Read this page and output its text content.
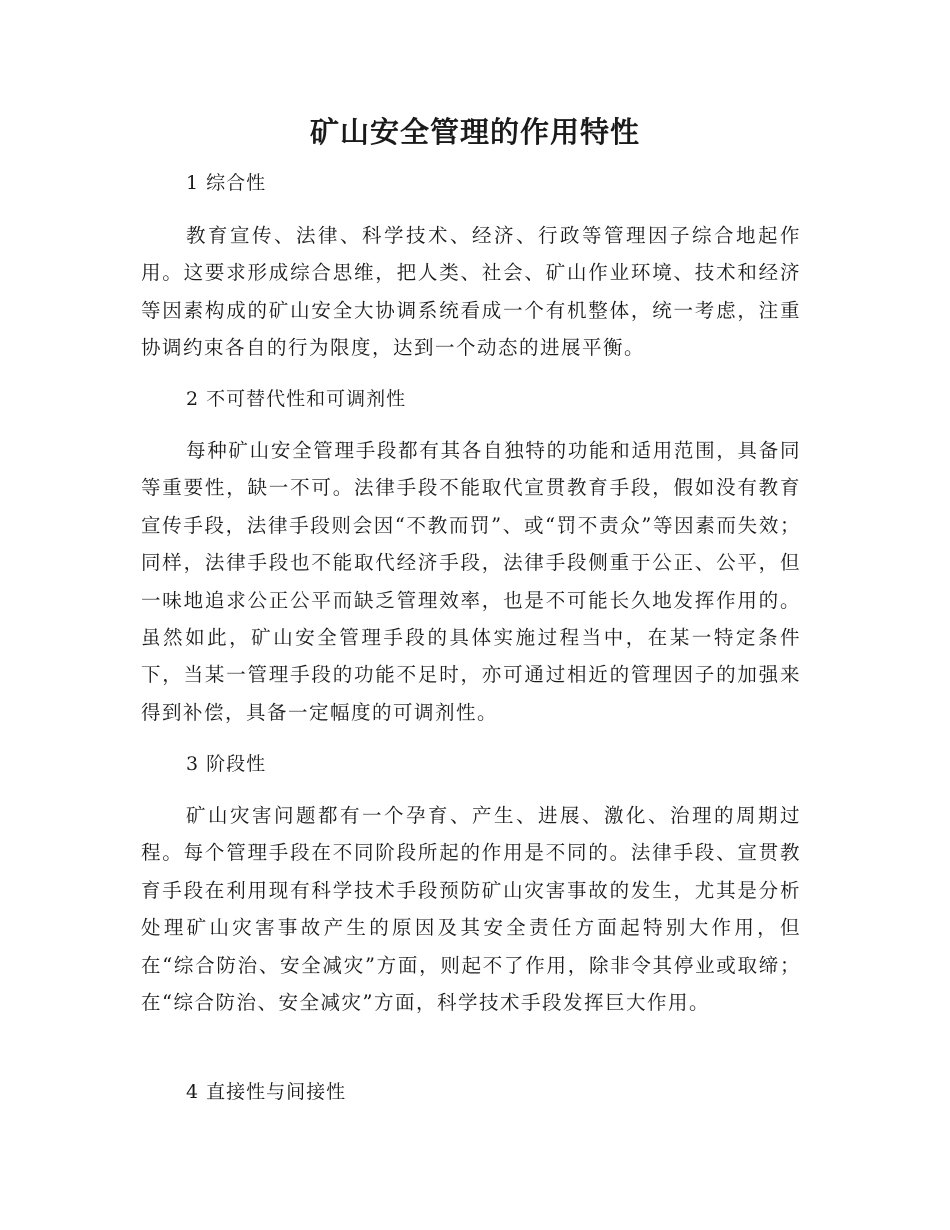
矿山安全管理的作用特性
1 综合性
教育宣传、法律、科学技术、经济、行政等管理因子综合地起作用。这要求形成综合思维，把人类、社会、矿山作业环境、技术和经济等因素构成的矿山安全大协调系统看成一个有机整体，统一考虑，注重协调约束各自的行为限度，达到一个动态的进展平衡。
2 不可替代性和可调剂性
每种矿山安全管理手段都有其各自独特的功能和适用范围，具备同等重要性，缺一不可。法律手段不能取代宣贯教育手段，假如没有教育宣传手段，法律手段则会因“不教而罚”、或“罚不责众”等因素而失效；同样，法律手段也不能取代经济手段，法律手段侧重于公正、公平，但一味地追求公正公平而缺乏管理效率，也是不可能长久地发挥作用的。虽然如此，矿山安全管理手段的具体实施过程当中，在某一特定条件下，当某一管理手段的功能不足时，亦可通过相近的管理因子的加强来得到补偿，具备一定幅度的可调剂性。
3 阶段性
矿山灾害问题都有一个孕育、产生、进展、激化、治理的周期过程。每个管理手段在不同阶段所起的作用是不同的。法律手段、宣贯教育手段在利用现有科学技术手段预防矿山灾害事故的发生，尤其是分析处理矿山灾害事故产生的原因及其安全责任方面起特别大作用，但在“综合防治、安全减灾”方面，则起不了作用，除非令其停业或取缔；在“综合防治、安全减灾”方面，科学技术手段发挥巨大作用。
4 直接性与间接性
